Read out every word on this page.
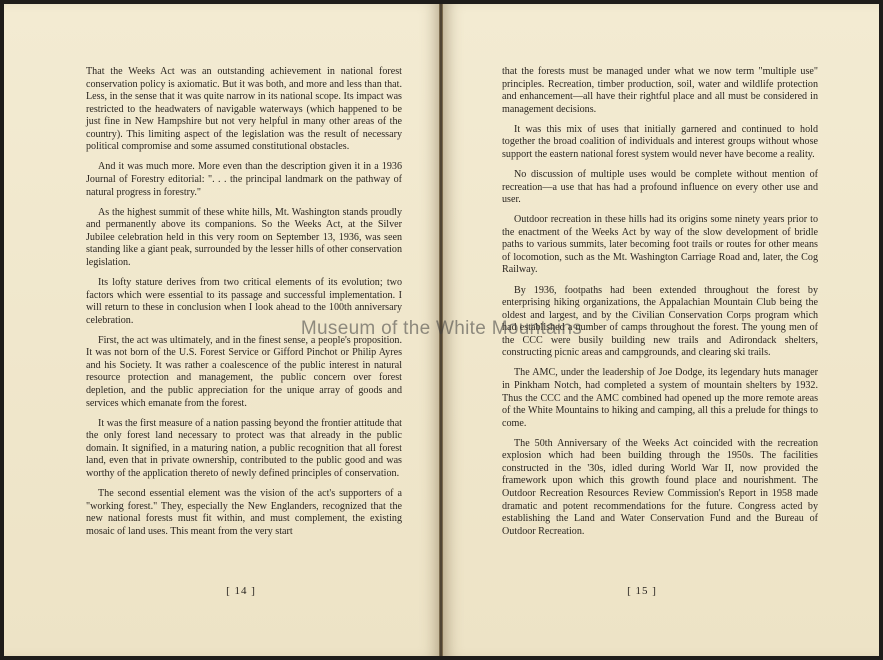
That the Weeks Act was an outstanding achievement in national forest conservation policy is axiomatic. But it was both, and more and less than that. Less, in the sense that it was quite narrow in its national scope. Its impact was restricted to the headwaters of navigable waterways (which happened to be just fine in New Hampshire but not very helpful in many other areas of the country). This limiting aspect of the legislation was the result of necessary political compromise and some assumed constitutional obstacles.

And it was much more. More even than the description given it in a 1936 Journal of Forestry editorial: ". . . the principal landmark on the pathway of natural progress in forestry."

As the highest summit of these white hills, Mt. Washington stands proudly and permanently above its companions. So the Weeks Act, at the Silver Jubilee celebration held in this very room on September 13, 1936, was seen standing like a giant peak, surrounded by the lesser hills of other conservation legislation.

Its lofty stature derives from two critical elements of its evolution; two factors which were essential to its passage and successful implementation. I will return to these in conclusion when I look ahead to the 100th anniversary celebration.

First, the act was ultimately, and in the finest sense, a people's proposition. It was not born of the U.S. Forest Service or Gifford Pinchot or Philip Ayres and his Society. It was rather a coalescence of the public interest in natural resource protection and management, the public concern over forest depletion, and the public appreciation for the unique array of goods and services which emanate from the forest.

It was the first measure of a nation passing beyond the frontier attitude that the only forest land necessary to protect was that already in the public domain. It signified, in a maturing nation, a public recognition that all forest land, even that in private ownership, contributed to the public good and was worthy of the application thereto of newly defined principles of conservation.

The second essential element was the vision of the act's supporters of a "working forest." They, especially the New Englanders, recognized that the new national forests must fit within, and must complement, the existing mosaic of land uses. This meant from the very start

[ 14 ]

that the forests must be managed under what we now term "multiple use" principles. Recreation, timber production, soil, water and wildlife protection and enhancement—all have their rightful place and all must be considered in management decisions.

It was this mix of uses that initially garnered and continued to hold together the broad coalition of individuals and interest groups without whose support the eastern national forest system would never have become a reality.

No discussion of multiple uses would be complete without mention of recreation—a use that has had a profound influence on every other use and user.

Outdoor recreation in these hills had its origins some ninety years prior to the enactment of the Weeks Act by way of the slow development of bridle paths to various summits, later becoming foot trails or routes for other means of locomotion, such as the Mt. Washington Carriage Road and, later, the Cog Railway.

By 1936, footpaths had been extended throughout the forest by enterprising hiking organizations, the Appalachian Mountain Club being the oldest and largest, and by the Civilian Conservation Corps program which had established a number of camps throughout the forest. The young men of the CCC were busily building new trails and Adirondack shelters, constructing picnic areas and campgrounds, and clearing ski trails.

The AMC, under the leadership of Joe Dodge, its legendary huts manager in Pinkham Notch, had completed a system of mountain shelters by 1932. Thus the CCC and the AMC combined had opened up the more remote areas of the White Mountains to hiking and camping, all this a prelude for things to come.

The 50th Anniversary of the Weeks Act coincided with the recreation explosion which had been building through the 1950s. The facilities constructed in the '30s, idled during World War II, now provided the framework upon which this growth found place and nourishment. The Outdoor Recreation Resources Review Commission's Report in 1958 made dramatic and potent recommendations for the future. Congress acted by establishing the Land and Water Conservation Fund and the Bureau of Outdoor Recreation.

[ 15 ]
Museum of the White Mountains
